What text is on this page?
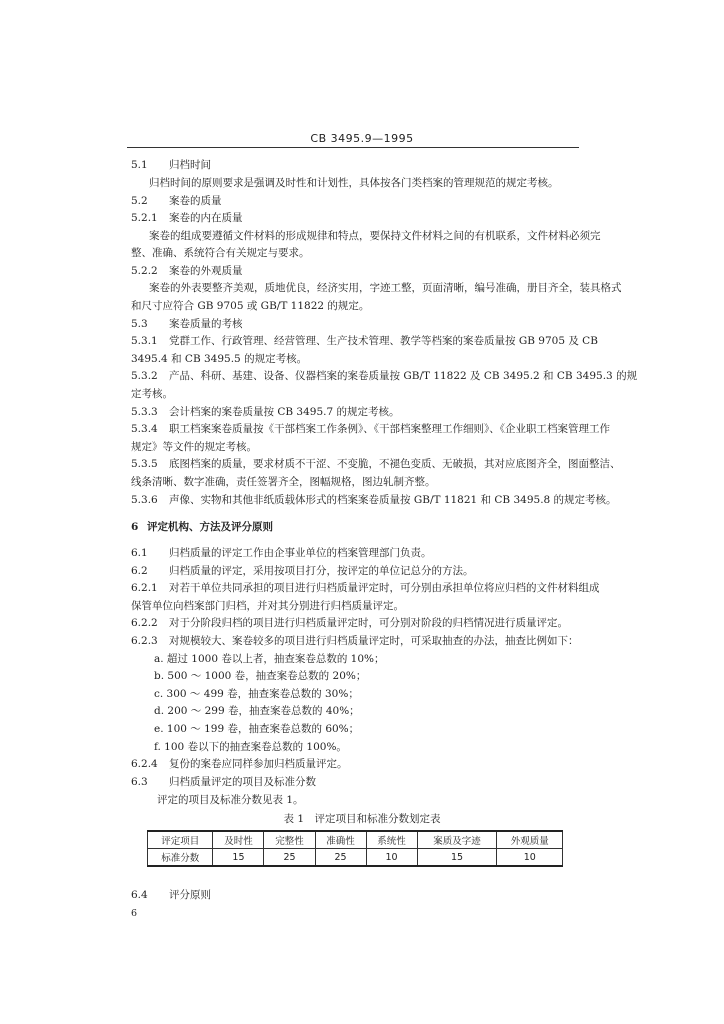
CB 3495.9—1995
5.1 归档时间
归档时间的原则要求是强调及时性和计划性，具体按各门类档案的管理规范的规定考核。
5.2 案卷的质量
5.2.1 案卷的内在质量
案卷的组成要遵循文件材料的形成规律和特点，要保持文件材料之间的有机联系，文件材料必须完
整、准确、系统符合有关规定与要求。
5.2.2 案卷的外观质量
案卷的外表要整齐美观，质地优良，经济实用，字迹工整，页面清晰，编号准确，册目齐全，装具格式
和尺寸应符合 GB 9705 或 GB/T 11822 的规定。
5.3 案卷质量的考核
5.3.1 党群工作、行政管理、经营管理、生产技术管理、教学等档案的案卷质量按 GB 9705 及 CB
3495.4 和 CB 3495.5 的规定考核。
5.3.2 产品、科研、基建、设备、仪器档案的案卷质量按 GB/T 11822 及 CB 3495.2 和 CB 3495.3 的规
定考核。
5.3.3 会计档案的案卷质量按 CB 3495.7 的规定考核。
5.3.4 职工档案案卷质量按《干部档案工作条例》、《干部档案整理工作细则》、《企业职工档案管理工作
规定》等文件的规定考核。
5.3.5 底图档案的质量，要求材质不干涩、不变脆，不褪色变质、无破损，其对应底图齐全，图面整洁、
线条清晰、数字准确，责任签署齐全，图幅规格，图边轧制齐整。
5.3.6 声像、实物和其他非纸质载体形式的档案案卷质量按 GB/T 11821 和 CB 3495.8 的规定考核。
6 评定机构、方法及评分原则
6.1 归档质量的评定工作由企事业单位的档案管理部门负责。
6.2 归档质量的评定，采用按项目打分，按评定的单位记总分的方法。
6.2.1 对若干单位共同承担的项目进行归档质量评定时，可分别由承担单位将应归档的文件材料组成
保管单位向档案部门归档，并对其分别进行归档质量评定。
6.2.2 对于分阶段归档的项目进行归档质量评定时，可分别对阶段的归档情况进行质量评定。
6.2.3 对规模较大、案卷较多的项目进行归档质量评定时，可采取抽查的办法，抽查比例如下：
a. 超过 1000 卷以上者，抽查案卷总数的 10%；
b. 500 ～ 1000 卷，抽查案卷总数的 20%；
c. 300 ～ 499 卷，抽查案卷总数的 30%；
d. 200 ～ 299 卷，抽查案卷总数的 40%；
e. 100 ～ 199 卷，抽查案卷总数的 60%；
f. 100 卷以下的抽查案卷总数的 100%。
6.2.4 复份的案卷应同样参加归档质量评定。
6.3 归档质量评定的项目及标准分数
评定的项目及标准分数见表 1。
表 1　评定项目和标准分数划定表
评定项目	及时性	完整性	准确性	系统性	案质及字迹	外观质量
标准分数	15	25	25	10	15	10
6.4 评分原则
6
